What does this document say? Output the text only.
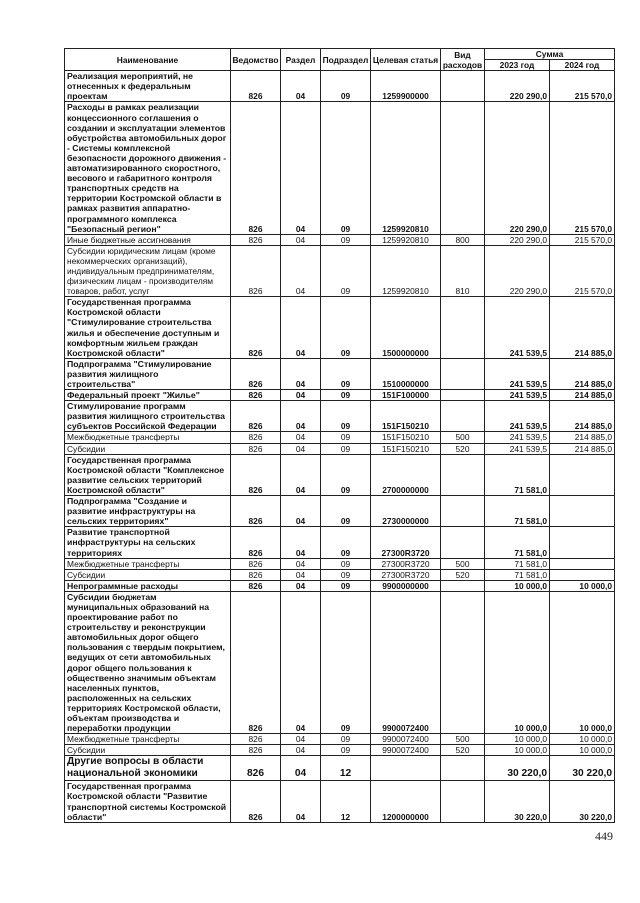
Наименование	Ведомство	Раздел	Подраздел	Целевая статья	Вид расходов	Сумма	
						2023 год	2024 год
Реализация мероприятий, не отнесенных к федеральным проектам	826	04	09	1259900000		220 290,0	215 570,0
Расходы в рамках реализации концессионного соглашения о создании и эксплуатации элементов обустройства автомобильных дорог - Системы комплексной безопасности дорожного движения - автоматизированного скоростного, весового и габаритного контроля транспортных средств на территории Костромской области в рамках развития аппаратно-программного комплекса "Безопасный регион"	826	04	09	1259920810		220 290,0	215 570,0
Иные бюджетные ассигнования	826	04	09	1259920810	800	220 290,0	215 570,0
Субсидии юридическим лицам (кроме некоммерческих организаций), индивидуальным предпринимателям, физическим лицам - производителям товаров, работ, услуг	826	04	09	1259920810	810	220 290,0	215 570,0
Государственная программа Костромской области "Стимулирование строительства жилья и обеспечение доступным и комфортным жильем граждан Костромской области"	826	04	09	1500000000		241 539,5	214 885,0
Подпрограмма "Стимулирование развития жилищного строительства"	826	04	09	1510000000		241 539,5	214 885,0
Федеральный проект "Жилье"	826	04	09	151F100000		241 539,5	214 885,0
Стимулирование программ развития жилищного строительства субъектов Российской Федерации	826	04	09	151F150210		241 539,5	214 885,0
Межбюджетные трансферты	826	04	09	151F150210	500	241 539,5	214 885,0
Субсидии	826	04	09	151F150210	520	241 539,5	214 885,0
Государственная программа Костромской области "Комплексное развитие сельских территорий Костромской области"	826	04	09	2700000000		71 581,0	
Подпрограмма "Создание и развитие инфраструктуры на сельских территориях"	826	04	09	2730000000		71 581,0	
Развитие транспортной инфраструктуры на сельских территориях	826	04	09	27300R3720		71 581,0	
Межбюджетные трансферты	826	04	09	27300R3720	500	71 581,0	
Субсидии	826	04	09	27300R3720	520	71 581,0	
Непрограммные расходы	826	04	09	9900000000		10 000,0	10 000,0
Субсидии бюджетам муниципальных образований на проектирование работ по строительству и реконструкции автомобильных дорог общего пользования с твердым покрытием, ведущих от сети автомобильных дорог общего пользования к общественно значимым объектам населенных пунктов, расположенных на сельских территориях Костромской области, объектам производства и переработки продукции	826	04	09	9900072400		10 000,0	10 000,0
Межбюджетные трансферты	826	04	09	9900072400	500	10 000,0	10 000,0
Субсидии	826	04	09	9900072400	520	10 000,0	10 000,0
Другие вопросы в области национальной экономики	826	04	12			30 220,0	30 220,0
Государственная программа Костромской области "Развитие транспортной системы Костромской области"	826	04	12	1200000000		30 220,0	30 220,0
449
